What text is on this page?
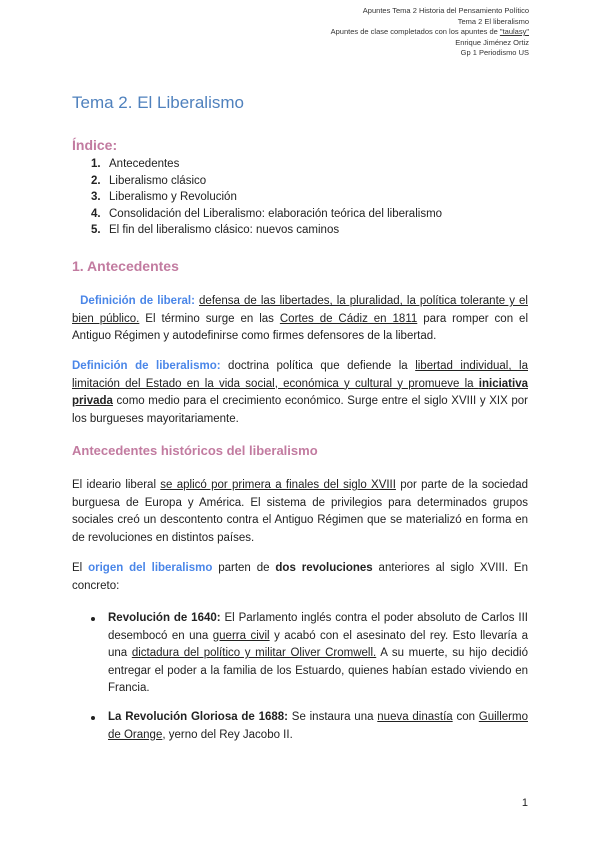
Apuntes Tema 2 Historia del Pensamiento Político
Tema 2 El liberalismo
Apuntes de clase completados con los apuntes de "taulasy"
Enrique Jiménez Ortiz
Gp 1 Periodismo US
Tema 2. El Liberalismo
Índice:
1. Antecedentes
2. Liberalismo clásico
3. Liberalismo y Revolución
4. Consolidación del Liberalismo: elaboración teórica del liberalismo
5. El fin del liberalismo clásico: nuevos caminos
1. Antecedentes

Definición de liberal: defensa de las libertades, la pluralidad, la política tolerante y el bien público. El término surge en las Cortes de Cádiz en 1811 para romper con el Antiguo Régimen y autodefinirse como firmes defensores de la libertad.

Definición de liberalismo: doctrina política que defiende la libertad individual, la limitación del Estado en la vida social, económica y cultural y promueve la iniciativa privada como medio para el crecimiento económico. Surge entre el siglo XVIII y XIX por los burgueses mayoritariamente.

Antecedentes históricos del liberalismo

El ideario liberal se aplicó por primera a finales del siglo XVIII por parte de la sociedad burguesa de Europa y América. El sistema de privilegios para determinados grupos sociales creó un descontento contra el Antiguo Régimen que se materializó en forma en de revoluciones en distintos países.

El origen del liberalismo parten de dos revoluciones anteriores al siglo XVIII. En concreto:

Revolución de 1640: El Parlamento inglés contra el poder absoluto de Carlos III desembocó en una guerra civil y acabó con el asesinato del rey. Esto llevaría a una dictadura del político y militar Oliver Cromwell. A su muerte, su hijo decidió entregar el poder a la familia de los Estuardo, quienes habían estado viviendo en Francia.
La Revolución Gloriosa de 1688: Se instaura una nueva dinastía con Guillermo de Orange, yerno del Rey Jacobo II.
1
